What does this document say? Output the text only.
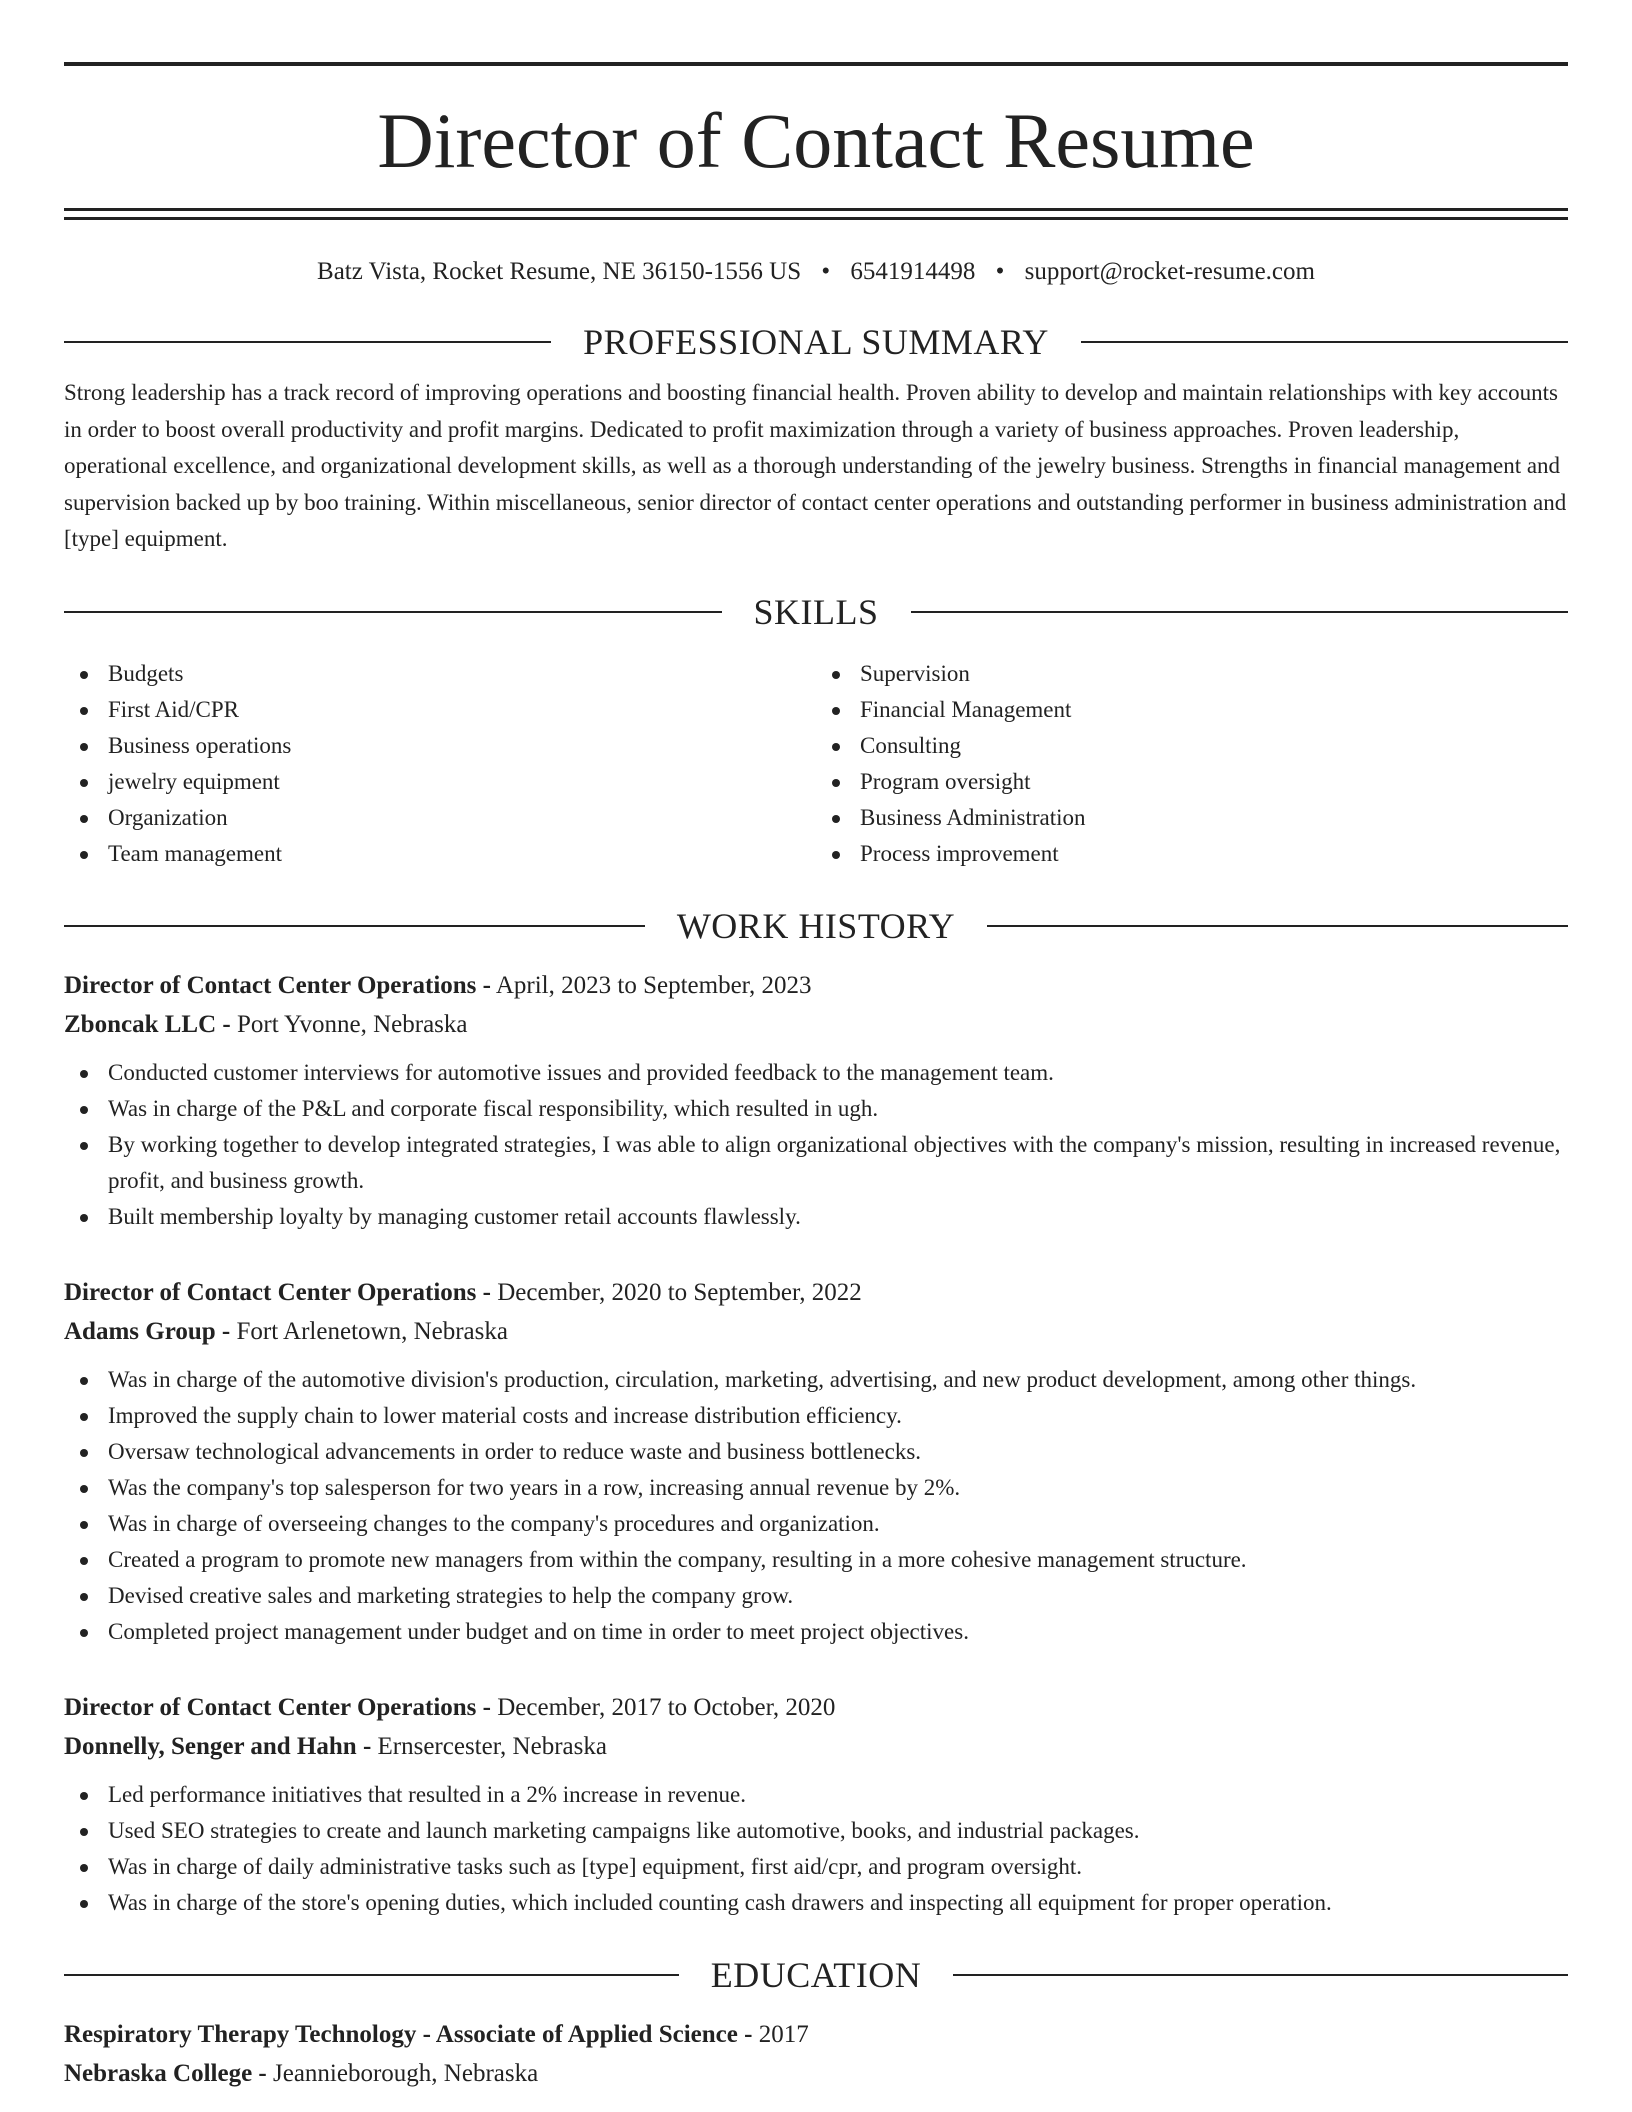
Director of Contact Resume
Batz Vista, Rocket Resume, NE 36150-1556 US • 6541914498 • support@rocket-resume.com
PROFESSIONAL SUMMARY

Strong leadership has a track record of improving operations and boosting financial health. Proven ability to develop and maintain relationships with key accounts in order to boost overall productivity and profit margins. Dedicated to profit maximization through a variety of business approaches. Proven leadership, operational excellence, and organizational development skills, as well as a thorough understanding of the jewelry business. Strengths in financial management and supervision backed up by boo training. Within miscellaneous, senior director of contact center operations and outstanding performer in business administration and [type] equipment.

SKILLS
Budgets
First Aid/CPR
Business operations
jewelry equipment
Organization
Team management
Supervision
Financial Management
Consulting
Program oversight
Business Administration
Process improvement
WORK HISTORY
Director of Contact Center Operations - April, 2023 to September, 2023
Zboncak LLC - Port Yvonne, Nebraska
Conducted customer interviews for automotive issues and provided feedback to the management team.
Was in charge of the P&L and corporate fiscal responsibility, which resulted in ugh.
By working together to develop integrated strategies, I was able to align organizational objectives with the company's mission, resulting in increased revenue, profit, and business growth.
Built membership loyalty by managing customer retail accounts flawlessly.
Director of Contact Center Operations - December, 2020 to September, 2022
Adams Group - Fort Arlenetown, Nebraska
Was in charge of the automotive division's production, circulation, marketing, advertising, and new product development, among other things.
Improved the supply chain to lower material costs and increase distribution efficiency.
Oversaw technological advancements in order to reduce waste and business bottlenecks.
Was the company's top salesperson for two years in a row, increasing annual revenue by 2%.
Was in charge of overseeing changes to the company's procedures and organization.
Created a program to promote new managers from within the company, resulting in a more cohesive management structure.
Devised creative sales and marketing strategies to help the company grow.
Completed project management under budget and on time in order to meet project objectives.
Director of Contact Center Operations - December, 2017 to October, 2020
Donnelly, Senger and Hahn - Ernsercester, Nebraska
Led performance initiatives that resulted in a 2% increase in revenue.
Used SEO strategies to create and launch marketing campaigns like automotive, books, and industrial packages.
Was in charge of daily administrative tasks such as [type] equipment, first aid/cpr, and program oversight.
Was in charge of the store's opening duties, which included counting cash drawers and inspecting all equipment for proper operation.
EDUCATION
Respiratory Therapy Technology - Associate of Applied Science - 2017
Nebraska College - Jeannieborough, Nebraska
